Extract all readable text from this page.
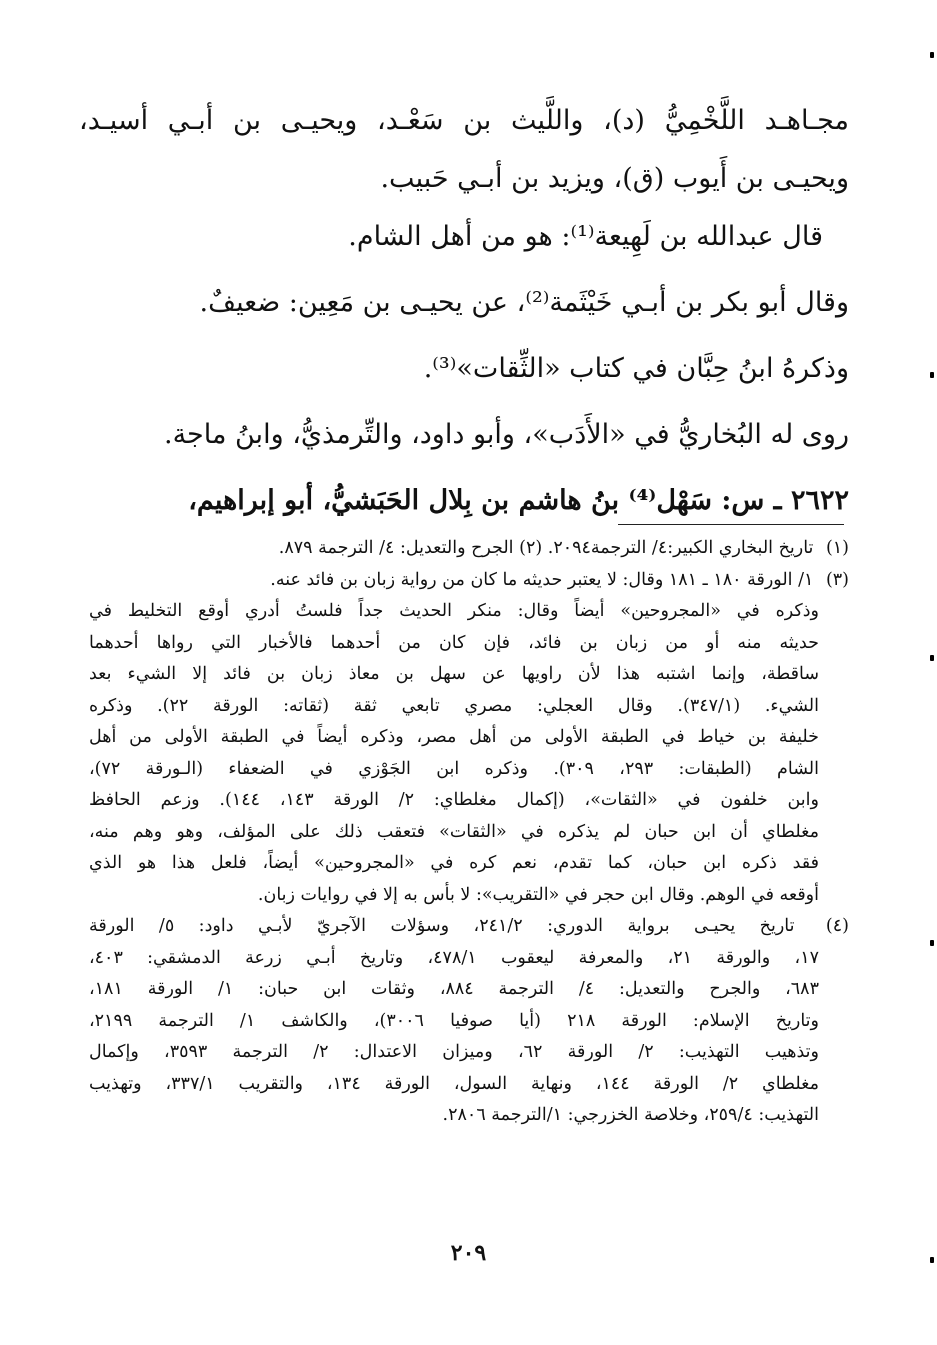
مجـاهـد اللَّخْمِيُّ (د)، واللَّيث بن سَعْـد، ويحيـى بن أبـي أسيـد،
ويحيـى بن أَيوب (ق)، ويزيد بن أبـي حَبيب.
قال عبدالله بن لَهِيعة⁽¹⁾: هو من أهل الشام.
وقال أبو بكر بن أبـي خَيْثَمة⁽²⁾، عن يحيـى بن مَعِين: ضعيفٌ.
وذكرهُ ابنُ حِبَّان في كتاب «الثِّقات»⁽³⁾.
روى له البُخاريُّ في «الأَدَب»، وأبو داود، والتِّرمذيُّ، وابنُ ماجة.
٢٦٢٢ ـ س: سَهْل⁽⁴⁾ بنُ هاشم بن بِلال الحَبَشيُّ، أبو إبراهيم،
(١) تاريخ البخاري الكبير:٤/ الترجمة٢٠٩٤. (٢) الجرح والتعديل: ٤/ الترجمة ٨٧٩.
(٣) ١/ الورقة ١٨٠ ـ ١٨١ وقال: لا يعتبر حديثه ما كان من رواية زبان بن فائد عنه.
وذكره في «المجروحين» أيضاً وقال: منكر الحديث جداً فلستُ أدري أوقع التخليط في
حديثه منه أو من زبان بن فائد، فإن كان من أحدهما فالأخبار التي رواها أحدهما
ساقطة، وإنما اشتبه هذا لأن راويها عن سهل بن معاذ زبان بن فائد إلا الشيء بعد
الشيء. (٣٤٧/١). وقال العجلي: مصري تابعي ثقة (ثقاته: الورقة ٢٢). وذكره
خليفة بن خياط في الطبقة الأولى من أهل مصر، وذكره أيضاً في الطبقة الأولى من أهل
الشام (الطبقات: ٢٩٣، ٣٠٩). وذكره ابن الجَوْزي في الضعفاء (الـورقة ٧٢)،
وابن خلفون في «الثقات»، (إكمال مغلطاي: ٢/ الورقة ١٤٣، ١٤٤). وزعم الحافظ
مغلطاي أن ابن حبان لم يذكره في «الثقات» فتعقب ذلك على المؤلف، وهو وهم منه،
فقد ذكره ابن حبان، كما تقدم، نعم كره في «المجروحين» أيضاً، فلعل هذا هو الذي
أوقعه في الوهم. وقال ابن حجر في «التقريب»: لا بأس به إلا في روايات زبان.
(٤) تاريخ يحيـى برواية الدوري: ٢٤١/٢، وسؤلات الآجريّ لأبـي داود: ٥/ الورقة
١٧، والورقة ٢١، والمعرفة ليعقوب ٤٧٨/١، وتاريخ أبـي زرعة الدمشقي: ٤٠٣،
٦٨٣، والجرح والتعديل: ٤/ الترجمة ٨٨٤، وثقات ابن حبان: ١/ الورقة ١٨١،
وتاريخ الإسلام: الورقة ٢١٨ (أيا صوفيا ٣٠٠٦)، والكاشف ١/ الترجمة ٢١٩٩،
وتذهيب التهذيب: ٢/ الورقة ٦٢، وميزان الاعتدال: ٢/ الترجمة ٣٥٩٣، وإكمال
مغلطاي ٢/ الورقة ١٤٤، ونهاية السول، الورقة ١٣٤، والتقريب ٣٣٧/١، وتهذيب
التهذيب: ٢٥٩/٤، وخلاصة الخزرجي: ١/الترجمة ٢٨٠٦.
٢٠٩
